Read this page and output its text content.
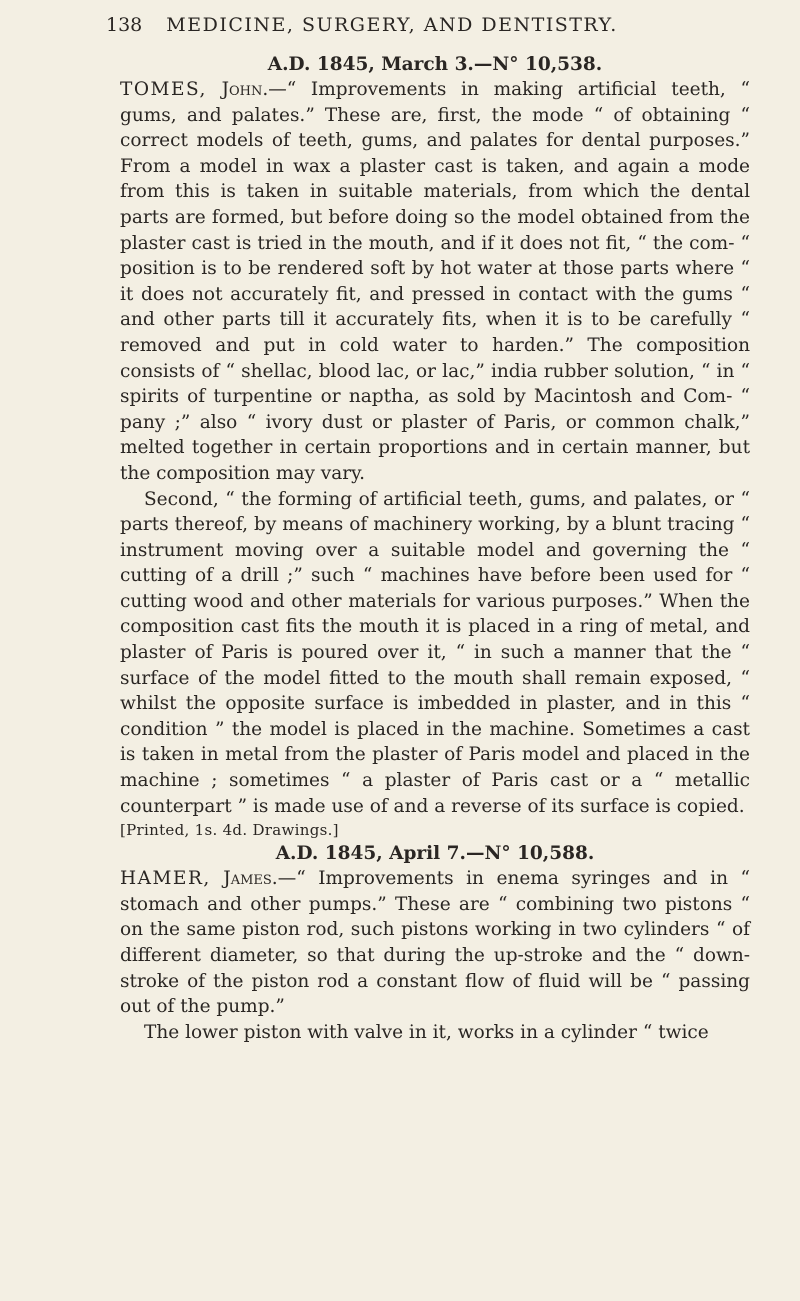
138 MEDICINE, SURGERY, AND DENTISTRY.
A.D. 1845, March 3.—N° 10,538.

TOMES, John.—“ Improvements in making artificial teeth, “ gums, and palates.” These are, first, the mode “ of obtaining “ correct models of teeth, gums, and palates for dental purposes.” From a model in wax a plaster cast is taken, and again a mode from this is taken in suitable materials, from which the dental parts are formed, but before doing so the model obtained from the plaster cast is tried in the mouth, and if it does not fit, “ the com- “ position is to be rendered soft by hot water at those parts where “ it does not accurately fit, and pressed in contact with the gums “ and other parts till it accurately fits, when it is to be carefully “ removed and put in cold water to harden.” The composition consists of “ shellac, blood lac, or lac,” india rubber solution, “ in “ spirits of turpentine or naptha, as sold by Macintosh and Com- “ pany ;” also “ ivory dust or plaster of Paris, or common chalk,” melted together in certain proportions and in certain manner, but the composition may vary.

Second, “ the forming of artificial teeth, gums, and palates, or “ parts thereof, by means of machinery working, by a blunt tracing “ instrument moving over a suitable model and governing the “ cutting of a drill ;” such “ machines have before been used for “ cutting wood and other materials for various purposes.” When the composition cast fits the mouth it is placed in a ring of metal, and plaster of Paris is poured over it, “ in such a manner that the “ surface of the model fitted to the mouth shall remain exposed, “ whilst the opposite surface is imbedded in plaster, and in this “ condition ” the model is placed in the machine. Sometimes a cast is taken in metal from the plaster of Paris model and placed in the machine ; sometimes “ a plaster of Paris cast or a “ metallic counterpart ” is made use of and a reverse of its surface is copied.

[Printed, 1s. 4d. Drawings.]
A.D. 1845, April 7.—N° 10,588.

HAMER, James.—“ Improvements in enema syringes and in “ stomach and other pumps.” These are “ combining two pistons “ on the same piston rod, such pistons working in two cylinders “ of different diameter, so that during the up-stroke and the “ down-stroke of the piston rod a constant flow of fluid will be “ passing out of the pump.”

The lower piston with valve in it, works in a cylinder “ twice
